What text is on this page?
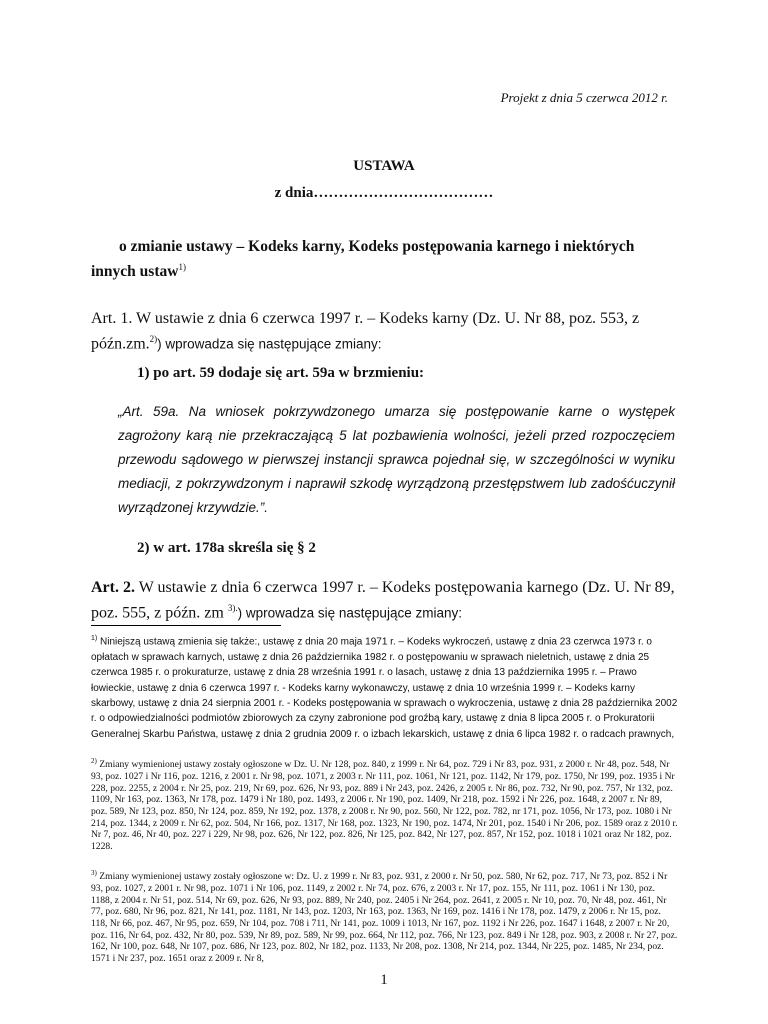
Projekt z dnia 5 czerwca 2012 r.
USTAWA
z dnia………………………………
o zmianie ustawy – Kodeks karny, Kodeks postępowania karnego i niektórych
innych ustaw$^{1)}$
Art. 1. W ustawie z dnia 6 czerwca 1997 r. – Kodeks karny (Dz. U. Nr 88, poz. 553, z późn.zm.$^{2)}$) wprowadza się następujące zmiany:
1) po art. 59 dodaje się art. 59a w brzmieniu:
„Art. 59a. Na wniosek pokrzywdzonego umarza się postępowanie karne o występek zagrożony karą nie przekraczającą 5 lat pozbawienia wolności, jeżeli przed rozpoczęciem przewodu sądowego w pierwszej instancji sprawca pojednał się, w szczególności w wyniku mediacji, z pokrzywdzonym i naprawił szkodę wyrządzoną przestępstwem lub zadośćuczynił wyrządzonej krzywdzie.”.
2) w art. 178a skreśla się § 2
Art. 2. W ustawie z dnia 6 czerwca 1997 r. – Kodeks postępowania karnego (Dz. U. Nr 89, poz. 555, z późn. zm $^{3).}$) wprowadza się następujące zmiany:
$^{1)}$ Niniejszą ustawą zmienia się także:, ustawę z dnia 20 maja 1971 r. – Kodeks wykroczeń, ustawę z dnia 23 czerwca 1973 r. o opłatach w sprawach karnych, ustawę z dnia 26 października 1982 r. o postępowaniu w sprawach nieletnich, ustawę z dnia 25 czerwca 1985 r. o prokuraturze, ustawę z dnia 28 września 1991 r. o lasach, ustawę z dnia 13 października 1995 r. – Prawo łowieckie, ustawę z dnia 6 czerwca 1997 r. - Kodeks karny wykonawczy, ustawę z dnia 10 września 1999 r. – Kodeks karny skarbowy, ustawę z dnia 24 sierpnia 2001 r. - Kodeks postępowania w sprawach o wykroczenia, ustawę z dnia 28 października 2002 r. o odpowiedzialności podmiotów zbiorowych za czyny zabronione pod groźbą kary, ustawę z dnia 8 lipca 2005 r. o Prokuratorii Generalnej Skarbu Państwa, ustawę z dnia 2 grudnia 2009 r. o izbach lekarskich, ustawę z dnia 6 lipca 1982 r. o radcach prawnych,
$^{2)}$ Zmiany wymienionej ustawy zostały ogłoszone w Dz. U. Nr 128, poz. 840, z 1999 r. Nr 64, poz. 729 i Nr 83, poz. 931, z 2000 r. Nr 48, poz. 548, Nr 93, poz. 1027 i Nr 116, poz. 1216, z 2001 r. Nr 98, poz. 1071, z 2003 r. Nr 111, poz. 1061, Nr 121, poz. 1142, Nr 179, poz. 1750, Nr 199, poz. 1935 i Nr 228, poz. 2255, z 2004 r. Nr 25, poz. 219, Nr 69, poz. 626, Nr 93, poz. 889 i Nr 243, poz. 2426, z 2005 r. Nr 86, poz. 732, Nr 90, poz. 757, Nr 132, poz. 1109, Nr 163, poz. 1363, Nr 178, poz. 1479 i Nr 180, poz. 1493, z 2006 r. Nr 190, poz. 1409, Nr 218, poz. 1592 i Nr 226, poz. 1648, z 2007 r. Nr 89, poz. 589, Nr 123, poz. 850, Nr 124, poz. 859, Nr 192, poz. 1378, z 2008 r. Nr 90, poz. 560, Nr 122, poz. 782, nr 171, poz. 1056, Nr 173, poz. 1080 i Nr 214, poz. 1344, z 2009 r. Nr 62, poz. 504, Nr 166, poz. 1317, Nr 168, poz. 1323, Nr 190, poz. 1474, Nr 201, poz. 1540 i Nr 206, poz. 1589 oraz z 2010 r. Nr 7, poz. 46, Nr 40, poz. 227 i 229, Nr 98, poz. 626, Nr 122, poz. 826, Nr 125, poz. 842, Nr 127, poz. 857, Nr 152, poz. 1018 i 1021 oraz Nr 182, poz. 1228.
$^{3)}$ Zmiany wymienionej ustawy zostały ogłoszone w: Dz. U. z 1999 r. Nr 83, poz. 931, z 2000 r. Nr 50, poz. 580, Nr 62, poz. 717, Nr 73, poz. 852 i Nr 93, poz. 1027, z 2001 r. Nr 98, poz. 1071 i Nr 106, poz. 1149, z 2002 r. Nr 74, poz. 676, z 2003 r. Nr 17, poz. 155, Nr 111, poz. 1061 i Nr 130, poz. 1188, z 2004 r. Nr 51, poz. 514, Nr 69, poz. 626, Nr 93, poz. 889, Nr 240, poz. 2405 i Nr 264, poz. 2641, z 2005 r. Nr 10, poz. 70, Nr 48, poz. 461, Nr 77, poz. 680, Nr 96, poz. 821, Nr 141, poz. 1181, Nr 143, poz. 1203, Nr 163, poz. 1363, Nr 169, poz. 1416 i Nr 178, poz. 1479, z 2006 r. Nr 15, poz. 118, Nr 66, poz. 467, Nr 95, poz. 659, Nr 104, poz. 708 i 711, Nr 141, poz. 1009 i 1013, Nr 167, poz. 1192 i Nr 226, poz. 1647 i 1648, z 2007 r. Nr 20, poz. 116, Nr 64, poz. 432, Nr 80, poz. 539, Nr 89, poz. 589, Nr 99, poz. 664, Nr 112, poz. 766, Nr 123, poz. 849 i Nr 128, poz. 903, z 2008 r. Nr 27, poz. 162, Nr 100, poz. 648, Nr 107, poz. 686, Nr 123, poz. 802, Nr 182, poz. 1133, Nr 208, poz. 1308, Nr 214, poz. 1344, Nr 225, poz. 1485, Nr 234, poz. 1571 i Nr 237, poz. 1651 oraz z 2009 r. Nr 8,
1
